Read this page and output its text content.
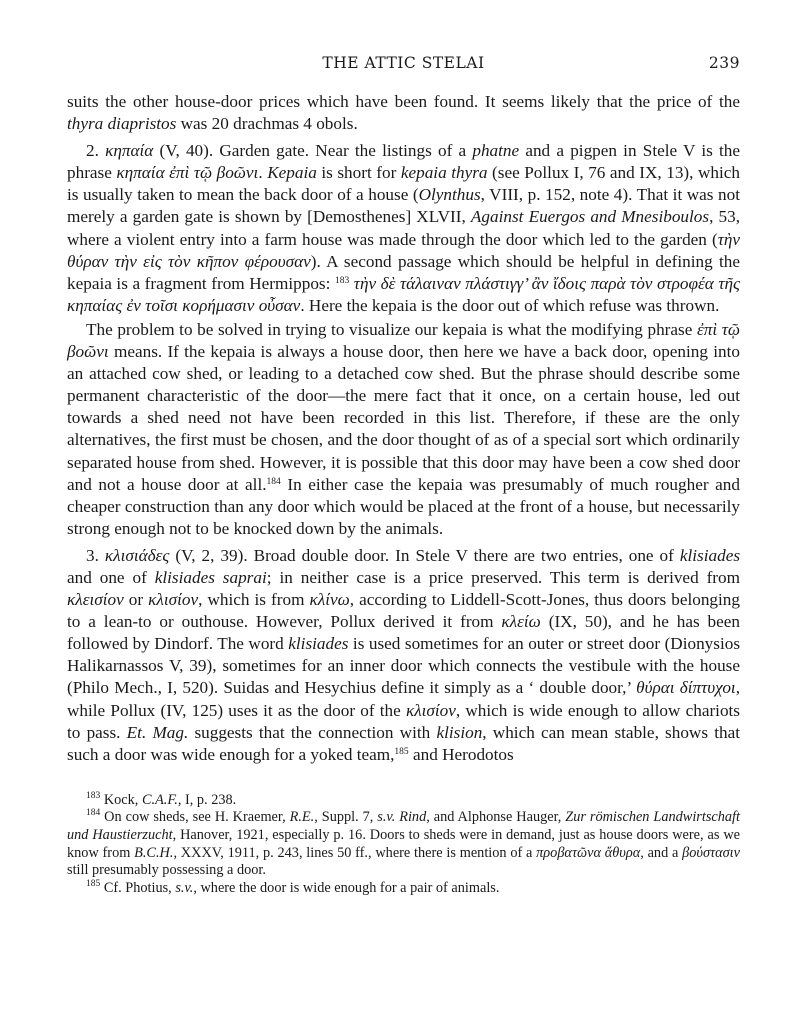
THE ATTIC STELAI	239

suits the other house-door prices which have been found. It seems likely that the price of the thyra diapristos was 20 drachmas 4 obols.

2. κηπαία (V, 40). Garden gate. Near the listings of a phatne and a pigpen in Stele V is the phrase κηπαία ἐπὶ τῷ βοῶνι. Kepaia is short for kepaia thyra (see Pollux I, 76 and IX, 13), which is usually taken to mean the back door of a house (Olynthus, VIII, p. 152, note 4). That it was not merely a garden gate is shown by [Demosthenes] XLVII, Against Euergos and Mnesiboulos, 53, where a violent entry into a farm house was made through the door which led to the garden (τὴν θύραν τὴν εἰς τὸν κῆπον φέρουσαν). A second passage which should be helpful in defining the kepaia is a fragment from Hermippos: $^{183}$ τὴν δὲ τάλαιναν πλάστιγγ’ ἂν ἴδοις παρὰ τὸν στροφέα τῆς κηπαίας ἐν τοῖσι κορήμασιν οὖσαν. Here the kepaia is the door out of which refuse was thrown.

The problem to be solved in trying to visualize our kepaia is what the modifying phrase ἐπὶ τῷ βοῶνι means. If the kepaia is always a house door, then here we have a back door, opening into an attached cow shed, or leading to a detached cow shed. But the phrase should describe some permanent characteristic of the door—the mere fact that it once, on a certain house, led out towards a shed need not have been recorded in this list. Therefore, if these are the only alternatives, the first must be chosen, and the door thought of as of a special sort which ordinarily separated house from shed. However, it is possible that this door may have been a cow shed door and not a house door at all.$^{184}$ In either case the kepaia was presumably of much rougher and cheaper construction than any door which would be placed at the front of a house, but necessarily strong enough not to be knocked down by the animals.

3. κλισιάδες (V, 2, 39). Broad double door. In Stele V there are two entries, one of klisiades and one of klisiades saprai; in neither case is a price preserved. This term is derived from κλεισίον or κλισίον, which is from κλίνω, according to Liddell-Scott-Jones, thus doors belonging to a lean-to or outhouse. However, Pollux derived it from κλείω (IX, 50), and he has been followed by Dindorf. The word klisiades is used sometimes for an outer or street door (Dionysios Halikarnassos V, 39), sometimes for an inner door which connects the vestibule with the house (Philo Mech., I, 520). Suidas and Hesychius define it simply as a ‘ double door,’ θύραι δίπτυχοι, while Pollux (IV, 125) uses it as the door of the κλισίον, which is wide enough to allow chariots to pass. Et. Mag. suggests that the connection with klision, which can mean stable, shows that such a door was wide enough for a yoked team,$^{185}$ and Herodotos

$^{183}$ Kock, C.A.F., I, p. 238.

$^{184}$ On cow sheds, see H. Kraemer, R.E., Suppl. 7, s.v. Rind, and Alphonse Hauger, Zur römischen Landwirtschaft und Haustierzucht, Hanover, 1921, especially p. 16. Doors to sheds were in demand, just as house doors were, as we know from B.C.H., XXXV, 1911, p. 243, lines 50 ff., where there is mention of a προβατῶνα ἄθυρα, and a βούστασιν still presumably possessing a door.

$^{185}$ Cf. Photius, s.v., where the door is wide enough for a pair of animals.
